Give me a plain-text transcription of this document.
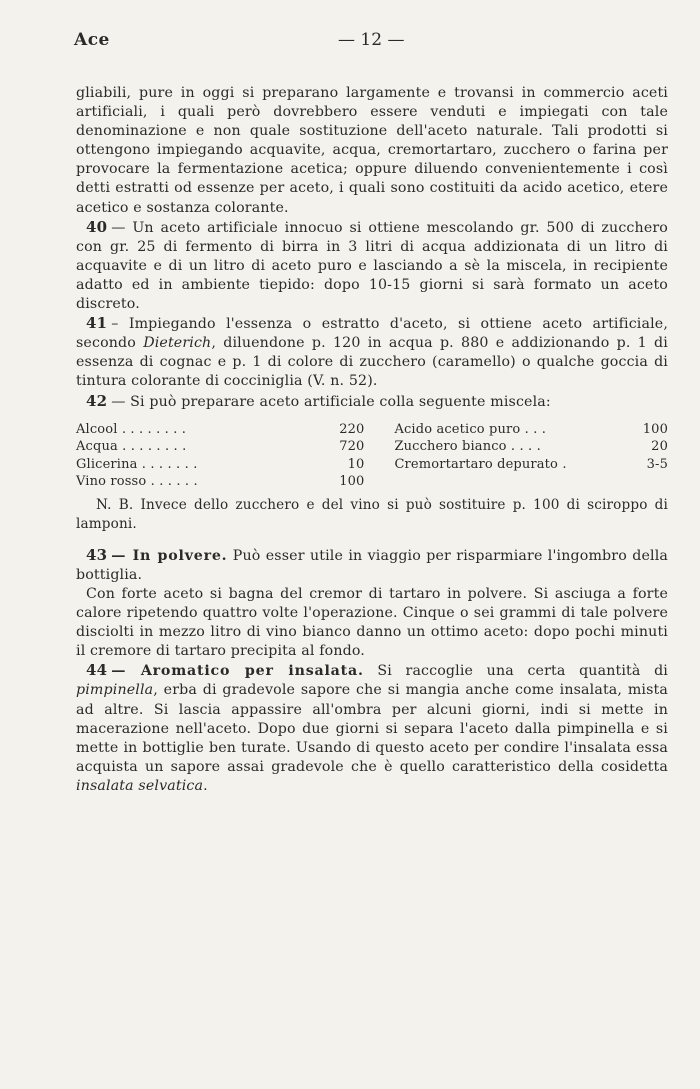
Ace	— 12 —

gliabili, pure in oggi si preparano largamente e trovansi in commercio aceti artificiali, i quali però dovrebbero essere venduti e impiegati con tale denominazione e non quale sostituzione dell'aceto naturale. Tali prodotti si ottengono impiegando acquavite, acqua, cremortartaro, zucchero o farina per provocare la fermentazione acetica; oppure diluendo convenientemente i così detti estratti od essenze per aceto, i quali sono costituiti da acido acetico, etere acetico e sostanza colorante.

40 — Un aceto artificiale innocuo si ottiene mescolando gr. 500 di zucchero con gr. 25 di fermento di birra in 3 litri di acqua addizionata di un litro di acquavite e di un litro di aceto puro e lasciando a sè la miscela, in recipiente adatto ed in ambiente tiepido: dopo 10-15 giorni si sarà formato un aceto discreto.

41 – Impiegando l'essenza o estratto d'aceto, si ottiene aceto artificiale, secondo Dieterich, diluendone p. 120 in acqua p. 880 e addizionando p. 1 di essenza di cognac e p. 1 di colore di zucchero (caramello) o qualche goccia di tintura colorante di cocciniglia (V. n. 52).

42 — Si può preparare aceto artificiale colla seguente miscela:

Alcool . . . . . . . .	220
Acqua . . . . . . . .	720
Glicerina . . . . . . .	10
Vino rosso . . . . . .	100
Acido acetico puro . . .	100
Zucchero bianco . . . .	20
Cremortartaro depurato .	3-5

N. B. Invece dello zucchero e del vino si può sostituire p. 100 di sciroppo di lamponi.

43 — In polvere. Può esser utile in viaggio per risparmiare l'ingombro della bottiglia.

Con forte aceto si bagna del cremor di tartaro in polvere. Si asciuga a forte calore ripetendo quattro volte l'operazione. Cinque o sei grammi di tale polvere disciolti in mezzo litro di vino bianco danno un ottimo aceto: dopo pochi minuti il cremore di tartaro precipita al fondo.

44 — Aromatico per insalata. Si raccoglie una certa quantità di pimpinella, erba di gradevole sapore che si mangia anche come insalata, mista ad altre. Si lascia appassire all'ombra per alcuni giorni, indi si mette in macerazione nell'aceto. Dopo due giorni si separa l'aceto dalla pimpinella e si mette in bottiglie ben turate. Usando di questo aceto per condire l'insalata essa acquista un sapore assai gradevole che è quello caratteristico della cosidetta insalata selvatica.
